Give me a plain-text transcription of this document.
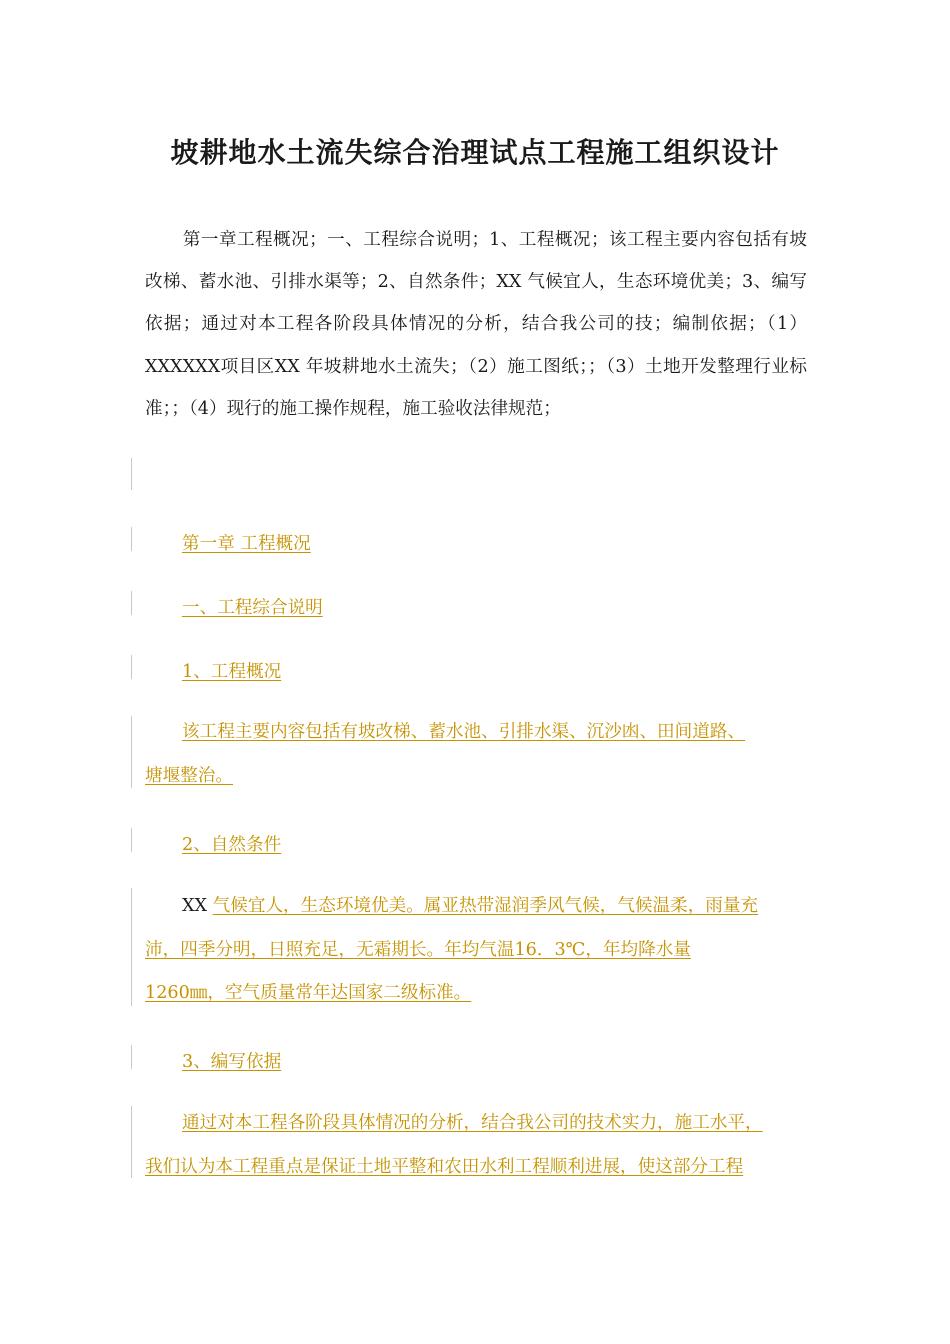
坡耕地水土流失综合治理试点工程施工组织设计

第一章工程概况；一、工程综合说明；1、工程概况；该工程主要内容包括有坡改梯、蓄水池、引排水渠等；2、自然条件；XX 气候宜人，生态环境优美；3、编写依据；通过对本工程各阶段具体情况的分析，结合我公司的技；编制依据；（1）XXXXXX项目区XX 年坡耕地水土流失；（2）施工图纸；；（3）土地开发整理行业标准；；（4）现行的施工操作规程，施工验收法律规范；

第一章 工程概况
一、工程综合说明
1、工程概况

该工程主要内容包括有坡改梯、蓄水池、引排水渠、沉沙凼、田间道路、
塘堰整治。

2、自然条件

XX 气候宜人，生态环境优美。属亚热带湿润季风气候，气候温柔，雨量充
沛，四季分明，日照充足，无霜期长。年均气温16．3℃，年均降水量
1260㎜，空气质量常年达国家二级标准。

3、编写依据

通过对本工程各阶段具体情况的分析，结合我公司的技术实力，施工水平，
我们认为本工程重点是保证土地平整和农田水利工程顺利进展，使这部分工程
